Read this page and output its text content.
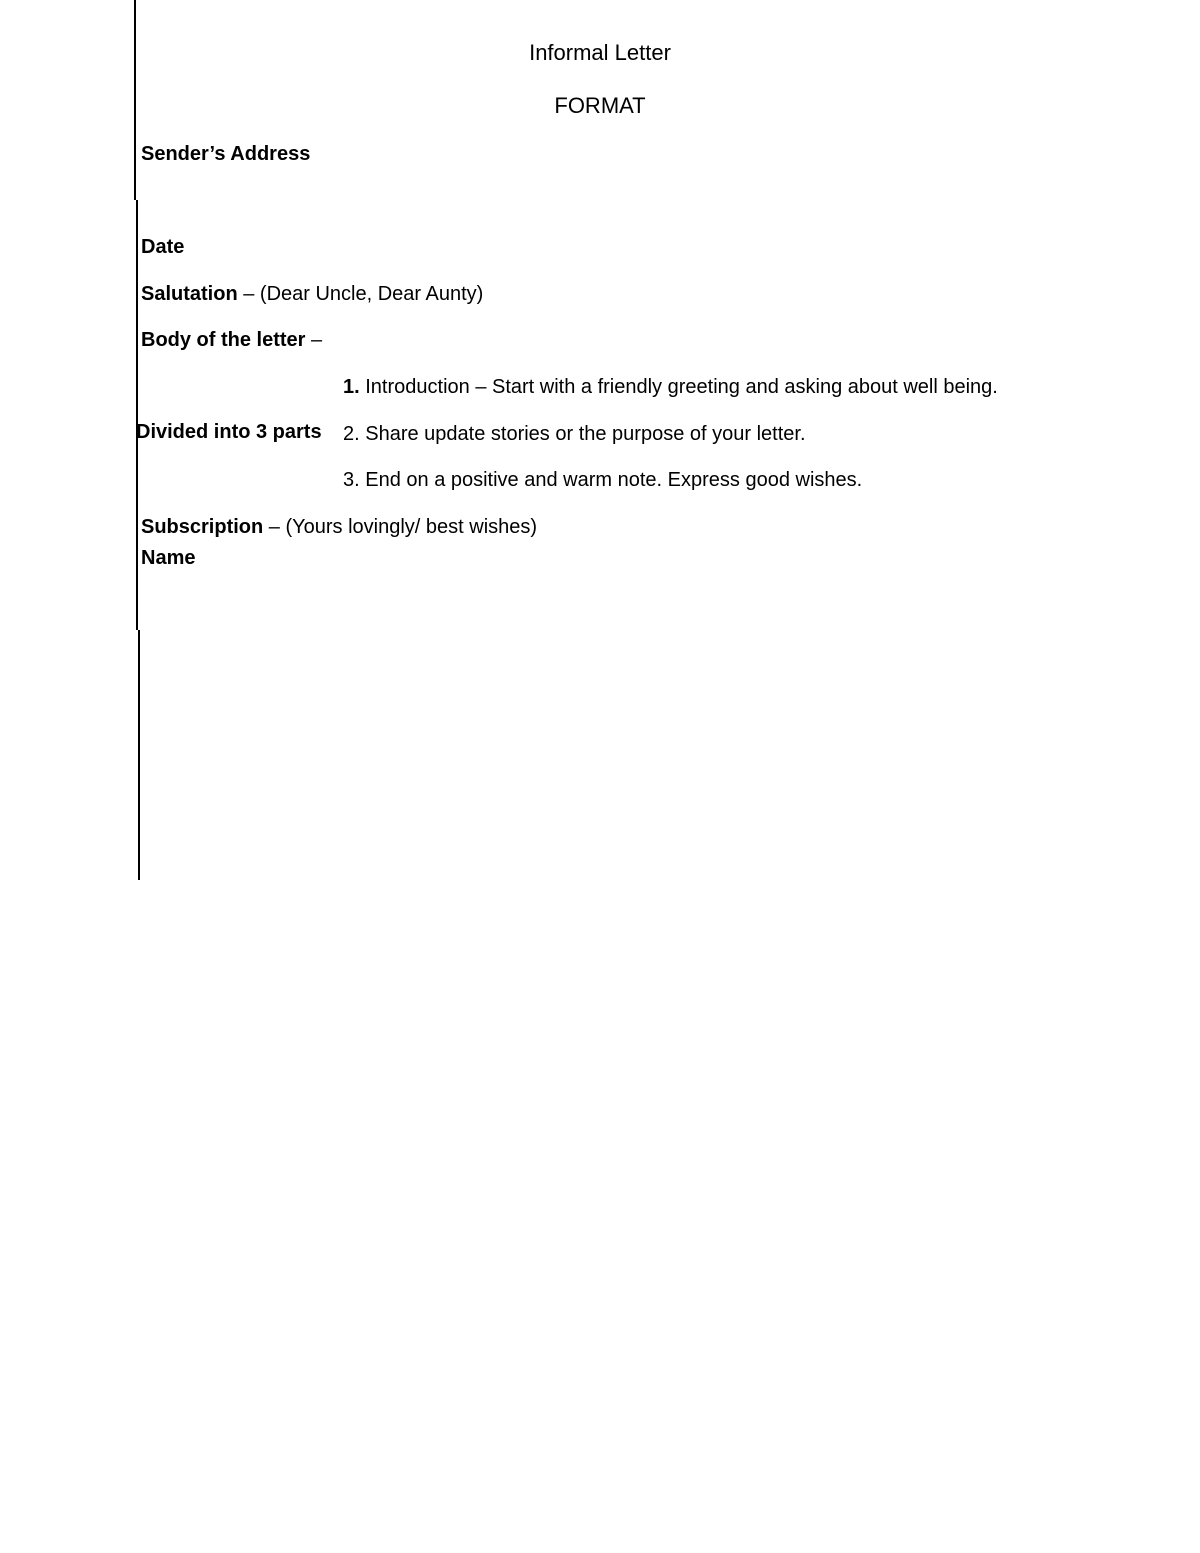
Informal Letter
FORMAT
Sender’s Address
Date
Salutation – (Dear Uncle, Dear Aunty)
Body of the letter –
1. Introduction – Start with a friendly greeting and asking about well being.
Divided into 3 parts 2. Share update stories or the purpose of your letter.
3. End on a positive and warm note. Express good wishes.
Subscription – (Yours lovingly/ best wishes)
Name
